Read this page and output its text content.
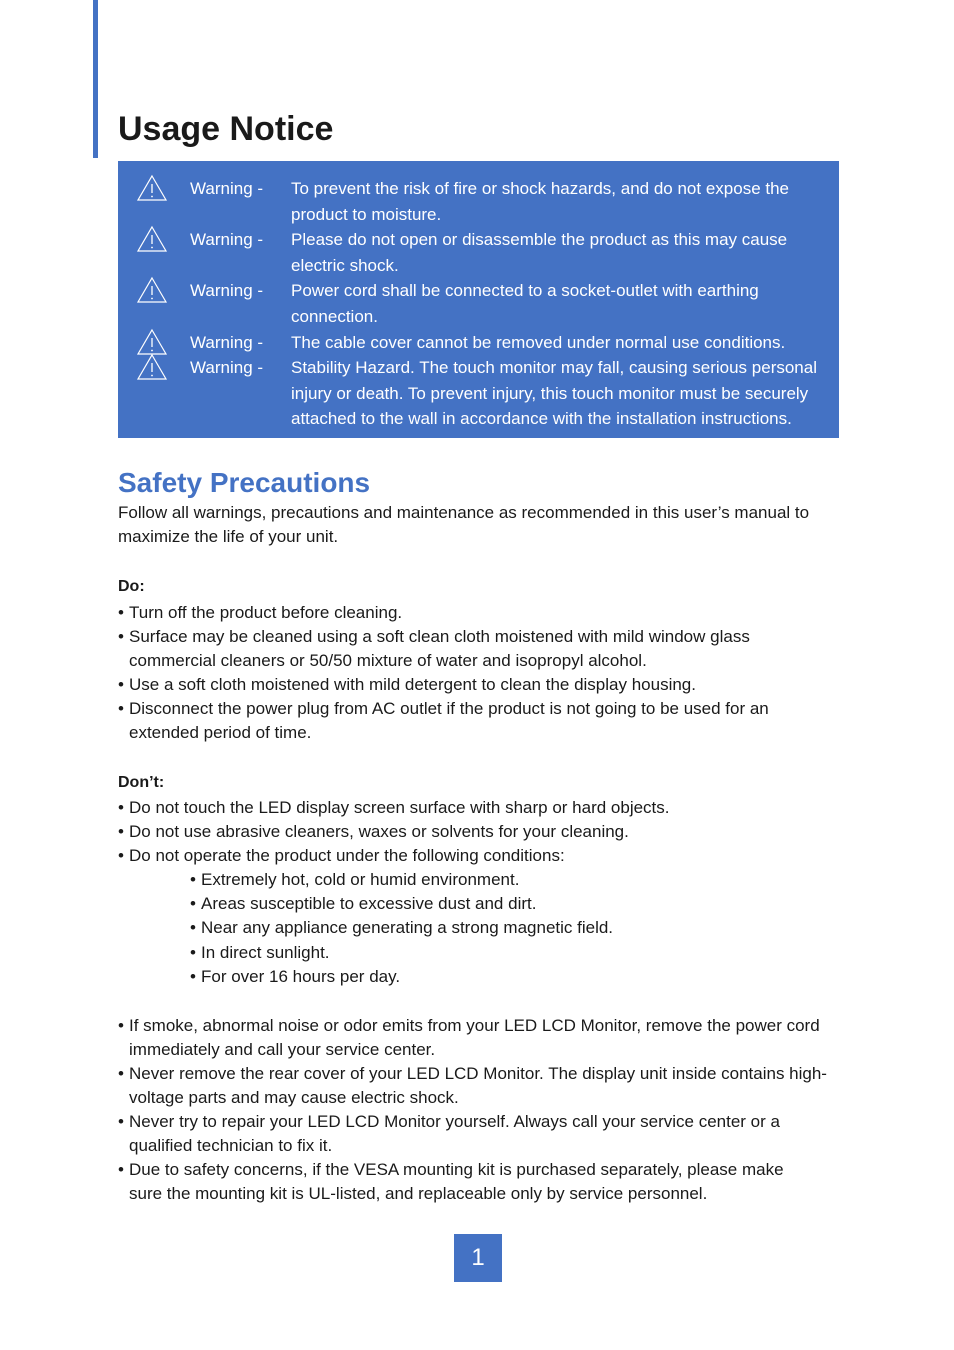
Usage Notice
Warning - To prevent the risk of fire or shock hazards, and do not expose the product to moisture.
Warning - Please do not open or disassemble the product as this may cause electric shock.
Warning - Power cord shall be connected to a socket-outlet with earthing connection.
Warning - The cable cover cannot be removed under normal use conditions.
Warning - Stability Hazard. The touch monitor may fall, causing serious personal injury or death. To prevent injury, this touch monitor must be securely attached to the wall in accordance with the installation instructions.
Safety Precautions

Follow all warnings, precautions and maintenance as recommended in this user’s manual to maximize the life of your unit.

Do:
• Turn off the product before cleaning.
• Surface may be cleaned using a soft clean cloth moistened with mild window glass commercial cleaners or 50/50 mixture of water and isopropyl alcohol.
• Use a soft cloth moistened with mild detergent to clean the display housing.
• Disconnect the power plug from AC outlet if the product is not going to be used for an extended period of time.
Don’t:
• Do not touch the LED display screen surface with sharp or hard objects.
• Do not use abrasive cleaners, waxes or solvents for your cleaning.
• Do not operate the product under the following conditions:
• Extremely hot, cold or humid environment.
• Areas susceptible to excessive dust and dirt.
• Near any appliance generating a strong magnetic field.
• In direct sunlight.
• For over 16 hours per day.
• If smoke, abnormal noise or odor emits from your LED LCD Monitor, remove the power cord immediately and call your service center.
• Never remove the rear cover of your LED LCD Monitor. The display unit inside contains high-voltage parts and may cause electric shock.
• Never try to repair your LED LCD Monitor yourself. Always call your service center or a qualified technician to fix it.
• Due to safety concerns, if the VESA mounting kit is purchased separately, please make sure the mounting kit is UL-listed, and replaceable only by service personnel.
1
